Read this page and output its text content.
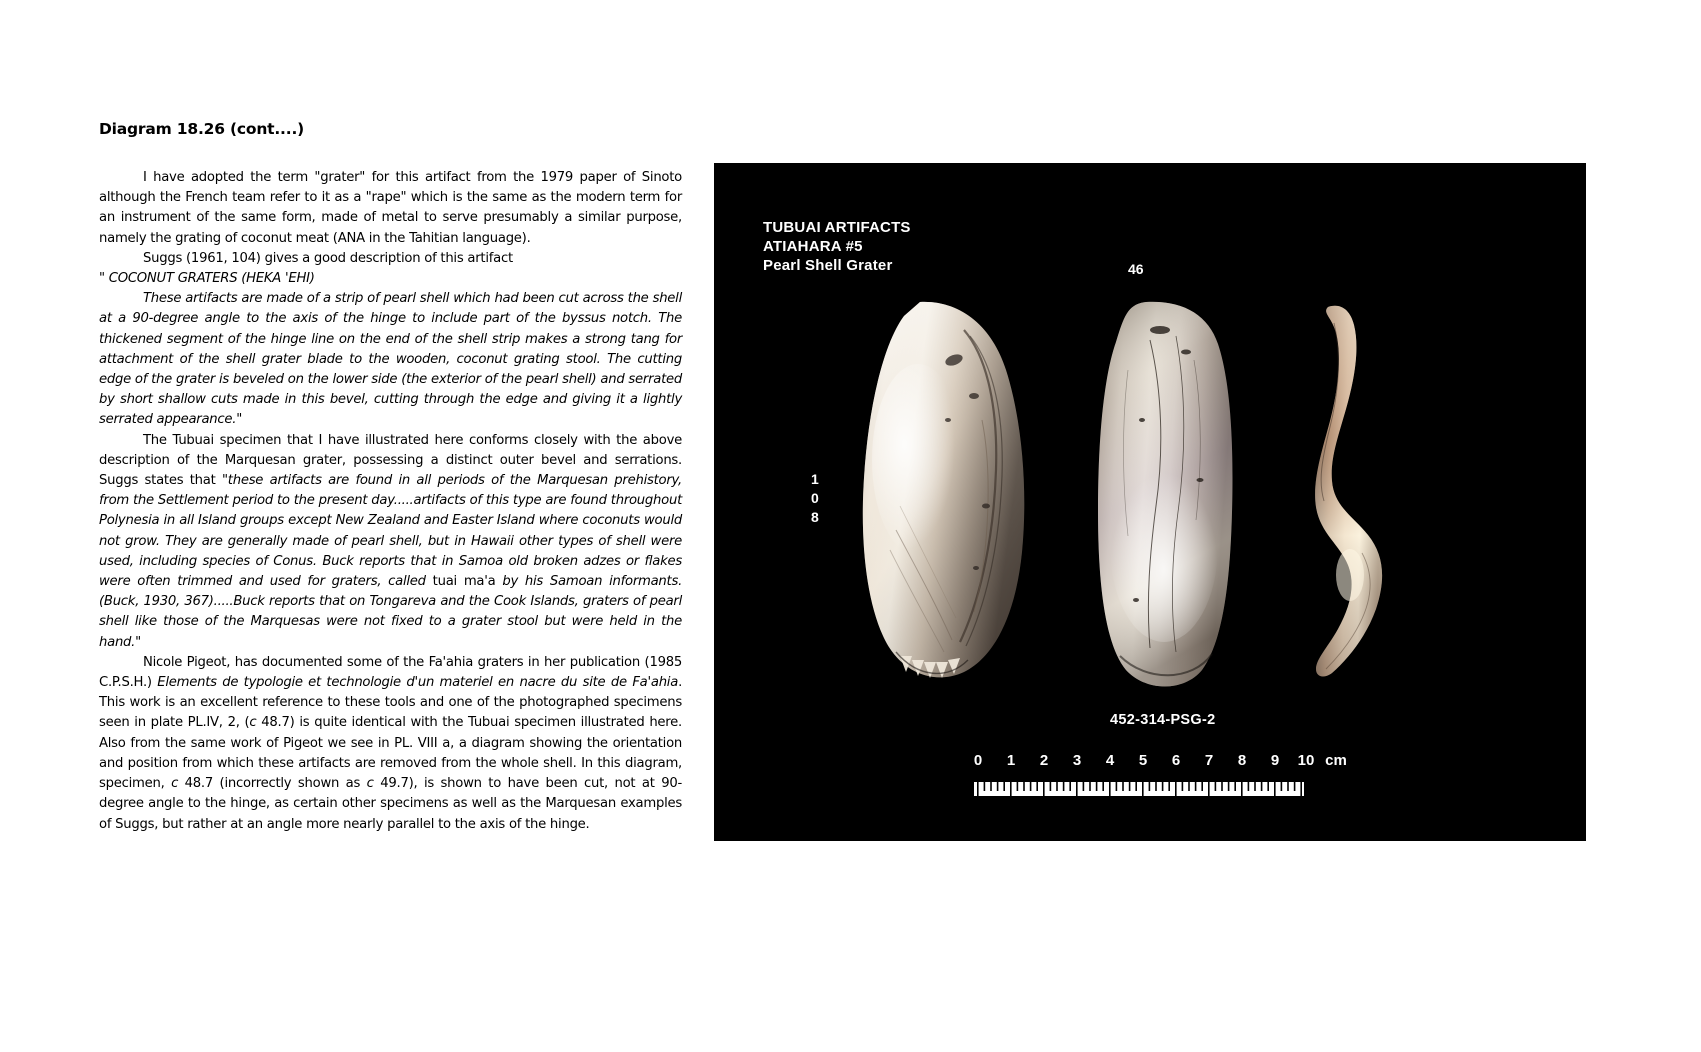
Diagram 18.26 (cont....)

I have adopted the term "grater" for this artifact from the 1979 paper of Sinoto although the French team refer to it as a "rape" which is the same as the modern term for an instrument of the same form, made of metal to serve presumably a similar purpose, namely the grating of coconut meat (ANA in the Tahitian language).

Suggs (1961, 104) gives a good description of this artifact

" COCONUT GRATERS (HEKA 'EHI)

These artifacts are made of a strip of pearl shell which had been cut across the shell at a 90-degree angle to the axis of the hinge to include part of the byssus notch. The thickened segment of the hinge line on the end of the shell strip makes a strong tang for attachment of the shell grater blade to the wooden, coconut grating stool. The cutting edge of the grater is beveled on the lower side (the exterior of the pearl shell) and serrated by short shallow cuts made in this bevel, cutting through the edge and giving it a lightly serrated appearance."

The Tubuai specimen that I have illustrated here conforms closely with the above description of the Marquesan grater, possessing a distinct outer bevel and serrations. Suggs states that "these artifacts are found in all periods of the Marquesan prehistory, from the Settlement period to the present day.....artifacts of this type are found throughout Polynesia in all Island groups except New Zealand and Easter Island where coconuts would not grow. They are generally made of pearl shell, but in Hawaii other types of shell were used, including species of Conus. Buck reports that in Samoa old broken adzes or flakes were often trimmed and used for graters, called tuai ma'a by his Samoan informants. (Buck, 1930, 367).....Buck reports that on Tongareva and the Cook Islands, graters of pearl shell like those of the Marquesas were not fixed to a grater stool but were held in the hand."

Nicole Pigeot, has documented some of the Fa'ahia graters in her publication (1985 C.P.S.H.) Elements de typologie et technologie d'un materiel en nacre du site de Fa'ahia. This work is an excellent reference to these tools and one of the photographed specimens seen in plate PL.IV, 2, (c 48.7) is quite identical with the Tubuai specimen illustrated here. Also from the same work of Pigeot we see in PL. VIII a, a diagram showing the orientation and position from which these artifacts are removed from the whole shell. In this diagram, specimen, c 48.7 (incorrectly shown as c 49.7), is shown to have been cut, not at 90-degree angle to the hinge, as certain other specimens as well as the Marquesan examples of Suggs, but rather at an angle more nearly parallel to the axis of the hinge.

TUBUAI ARTIFACTS
ATIAHARA #5
Pearl Shell Grater	46
1
0
8
452-314-PSG-2
0 1 2 3 4 5 6 7 8 9 10 cm
